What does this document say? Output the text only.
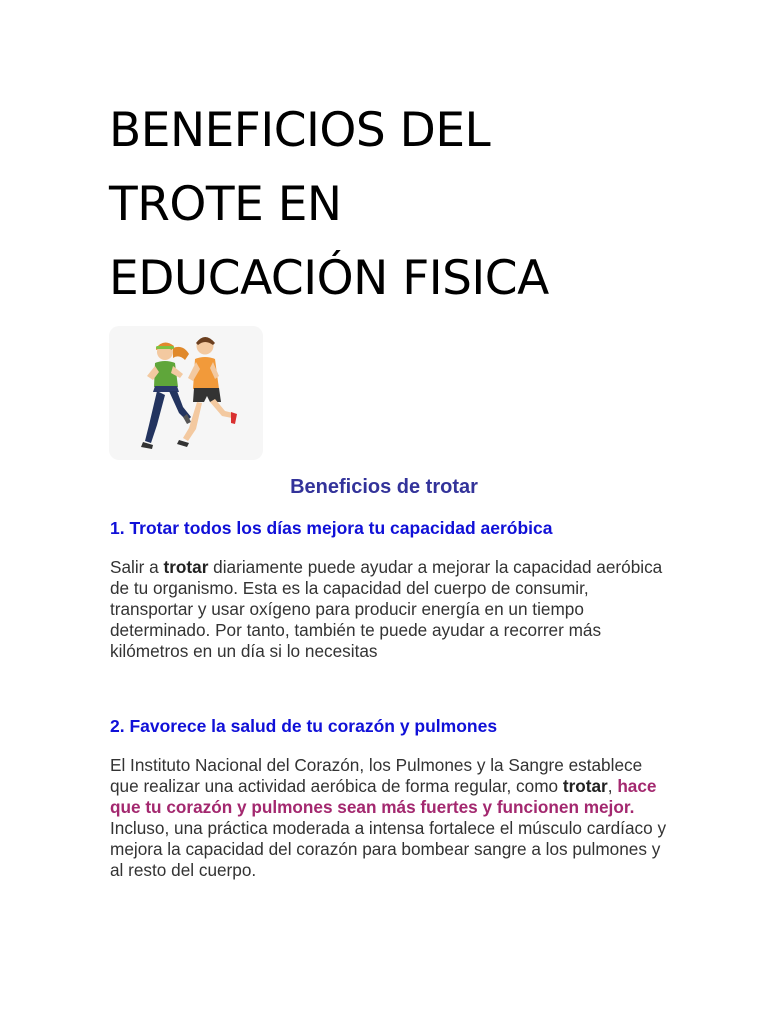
BENEFICIOS DEL
TROTE EN
EDUCACIÓN FISICA
Beneficios de trotar
1. Trotar todos los días mejora tu capacidad aeróbica

Salir a trotar diariamente puede ayudar a mejorar la capacidad aeróbica de tu organismo. Esta es la capacidad del cuerpo de consumir, transportar y usar oxígeno para producir energía en un tiempo determinado. Por tanto, también te puede ayudar a recorrer más kilómetros en un día si lo necesitas

2. Favorece la salud de tu corazón y pulmones

El Instituto Nacional del Corazón, los Pulmones y la Sangre establece que realizar una actividad aeróbica de forma regular, como trotar, hace que tu corazón y pulmones sean más fuertes y funcionen mejor. Incluso, una práctica moderada a intensa fortalece el músculo cardíaco y mejora la capacidad del corazón para bombear sangre a los pulmones y al resto del cuerpo.
